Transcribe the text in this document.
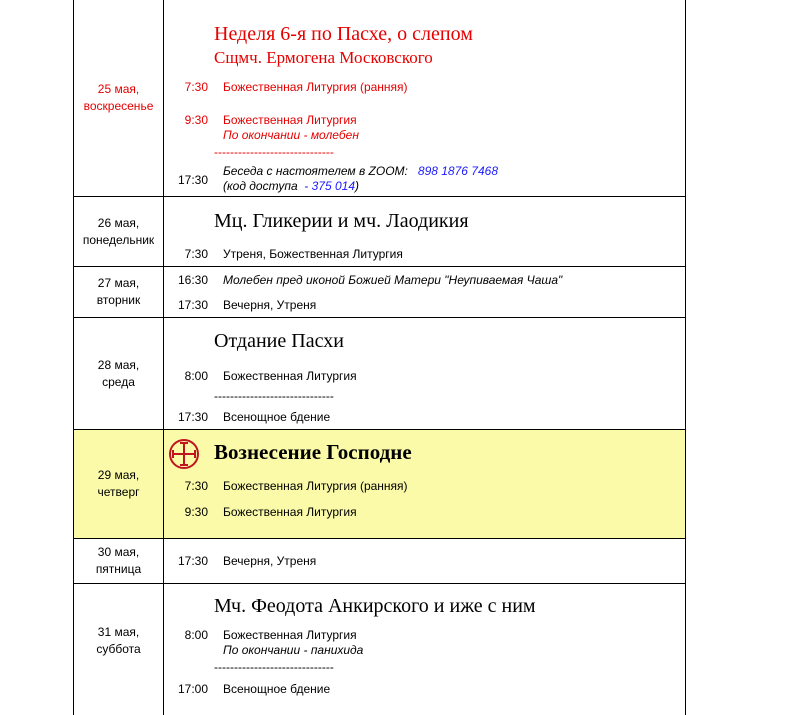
25 мая,
воскресенье
Неделя 6-я по Пасхе, о слепом
Сщмч. Ермогена Московского
7:30 Божественная Литургия (ранняя)
9:30 Божественная Литургия
По окончании - молебен
------------------------------
17:30
Беседа с настоятелем в ZOOM: 898 1876 7468
(код доступа - 375 014)
26 мая,
понедельник
Мц. Гликерии и мч. Лаодикия
7:30 Утреня, Божественная Литургия
27 мая,
вторник
16:30 Молебен пред иконой Божией Матери "Неупиваемая Чаша"
17:30 Вечерня, Утреня
28 мая,
среда
Отдание Пасхи
8:00 Божественная Литургия
------------------------------
17:30 Всенощное бдение
29 мая,
четверг
Вознесение Господне
7:30 Божественная Литургия (ранняя)
9:30 Божественная Литургия
30 мая,
пятница
17:30 Вечерня, Утреня
31 мая,
суббота
Мч. Феодота Анкирского и иже с ним
8:00 Божественная Литургия
По окончании - панихида
------------------------------
17:00 Всенощное бдение
